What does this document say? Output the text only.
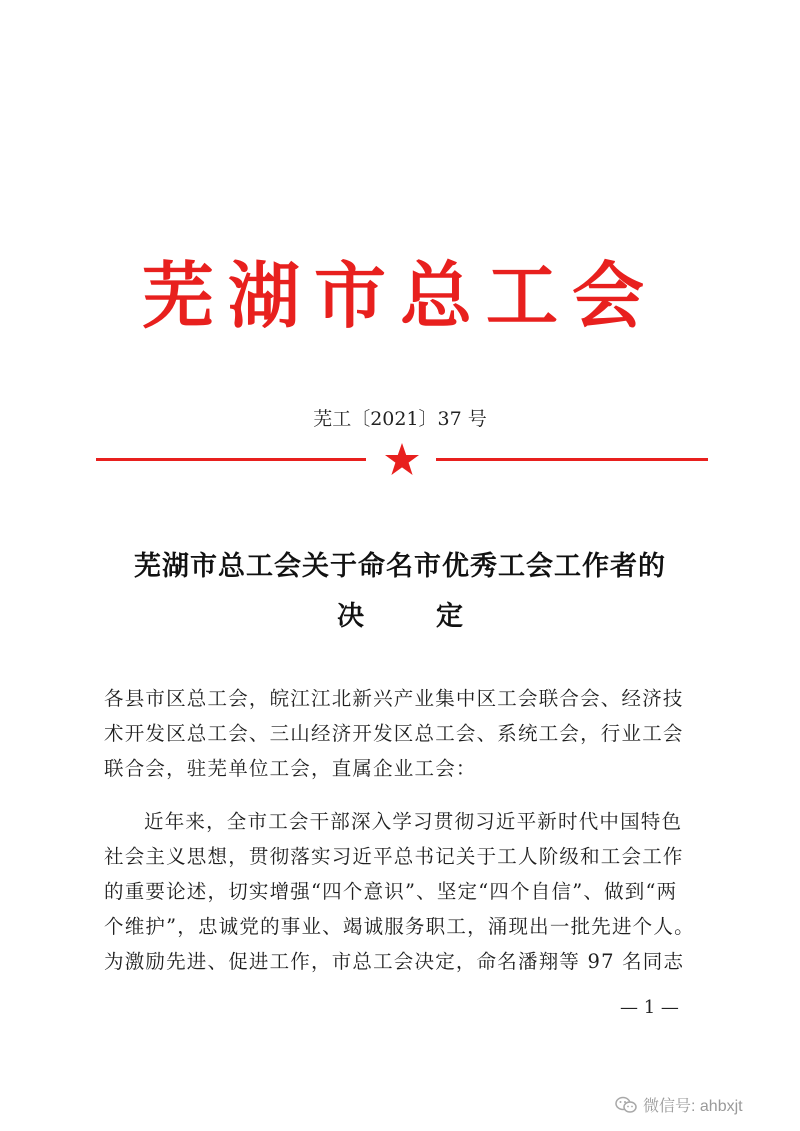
芜湖市总工会
芜工〔2021〕37 号
芜湖市总工会关于命名市优秀工会工作者的
决定
各县市区总工会，皖江江北新兴产业集中区工会联合会、经济技
术开发区总工会、三山经济开发区总工会、系统工会，行业工会
联合会，驻芜单位工会，直属企业工会：
近年来，全市工会干部深入学习贯彻习近平新时代中国特色
社会主义思想，贯彻落实习近平总书记关于工人阶级和工会工作
的重要论述，切实增强“四个意识”、坚定“四个自信”、做到“两
个维护”，忠诚党的事业、竭诚服务职工，涌现出一批先进个人。
为激励先进、促进工作，市总工会决定，命名潘翔等 97 名同志
— 1 —
微信号: ahbxjt
